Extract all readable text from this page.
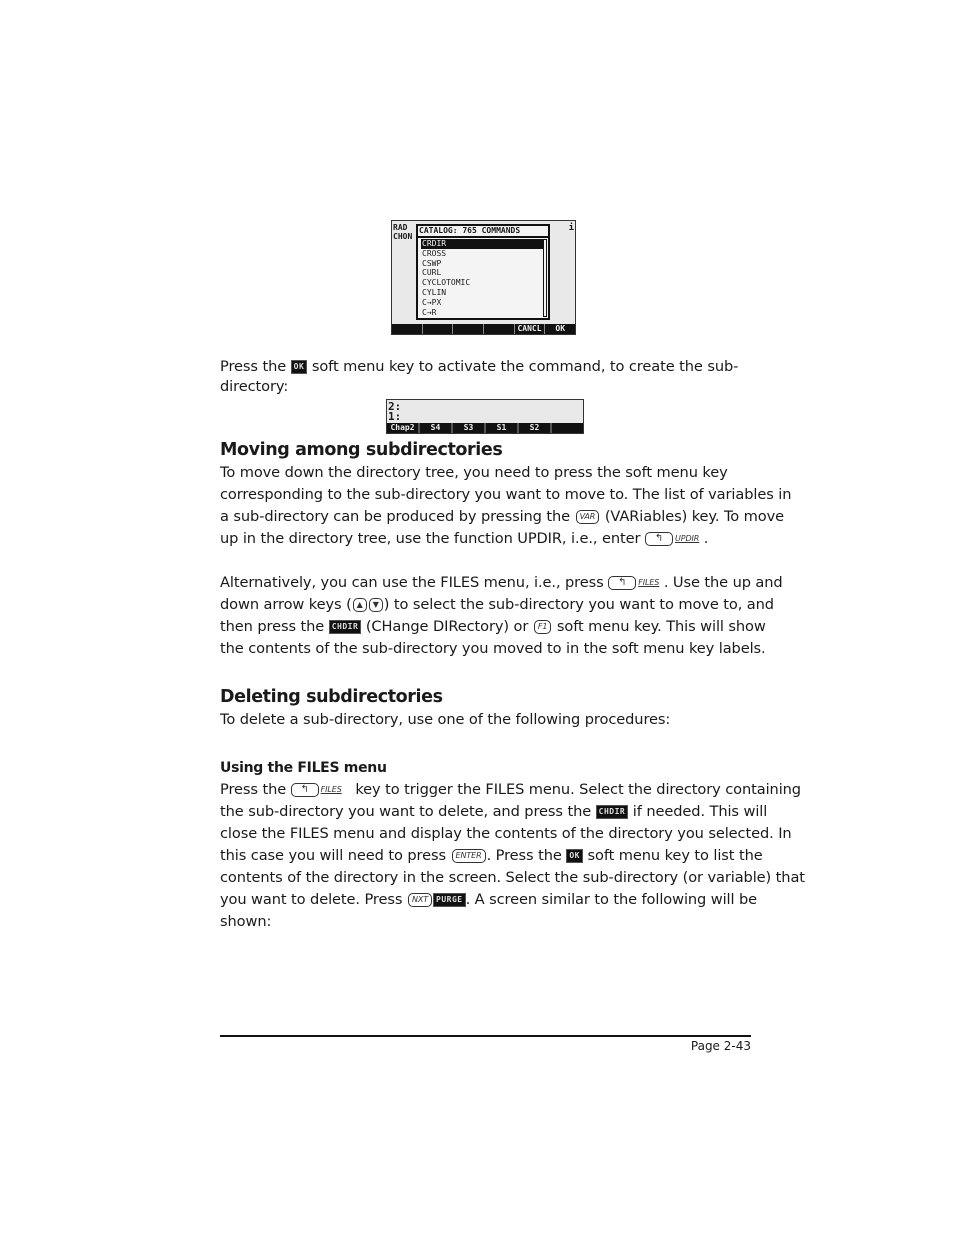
RAD
CHON
i
CATALOG: 765 COMMANDS
CRDIR
CROSS
CSWP
CURL
CYCLOTOMIC
CYLIN
C→PX
C→R
CANCL	OK

Press the OK soft menu key to activate the command, to create the sub-

directory:

2:
1:
Chap2	S4	S3	S1	S2
Moving among subdirectories

To move down the directory tree, you need to press the soft menu key

corresponding to the sub-directory you want to move to. The list of variables in

a sub-directory can be produced by pressing the VAR (VARiables) key. To move

up in the directory tree, use the function UPDIR, i.e., enter ↰ UPDIR .

Alternatively, you can use the FILES menu, i.e., press ↰ FILES . Use the up and

down arrow keys ( ▲ ▼ ) to select the sub-directory you want to move to, and

then press the CHDIR (CHange DIRectory) or F1 soft menu key. This will show

the contents of the sub-directory you moved to in the soft menu key labels.

Deleting subdirectories

To delete a sub-directory, use one of the following procedures:

Using the FILES menu

Press the ↰ FILES key to trigger the FILES menu. Select the directory containing

the sub-directory you want to delete, and press the CHDIR if needed. This will

close the FILES menu and display the contents of the directory you selected. In

this case you will need to press ENTER . Press the OK soft menu key to list the

contents of the directory in the screen. Select the sub-directory (or variable) that

you want to delete. Press NXT PURGE . A screen similar to the following will be

shown:

Page 2-43
